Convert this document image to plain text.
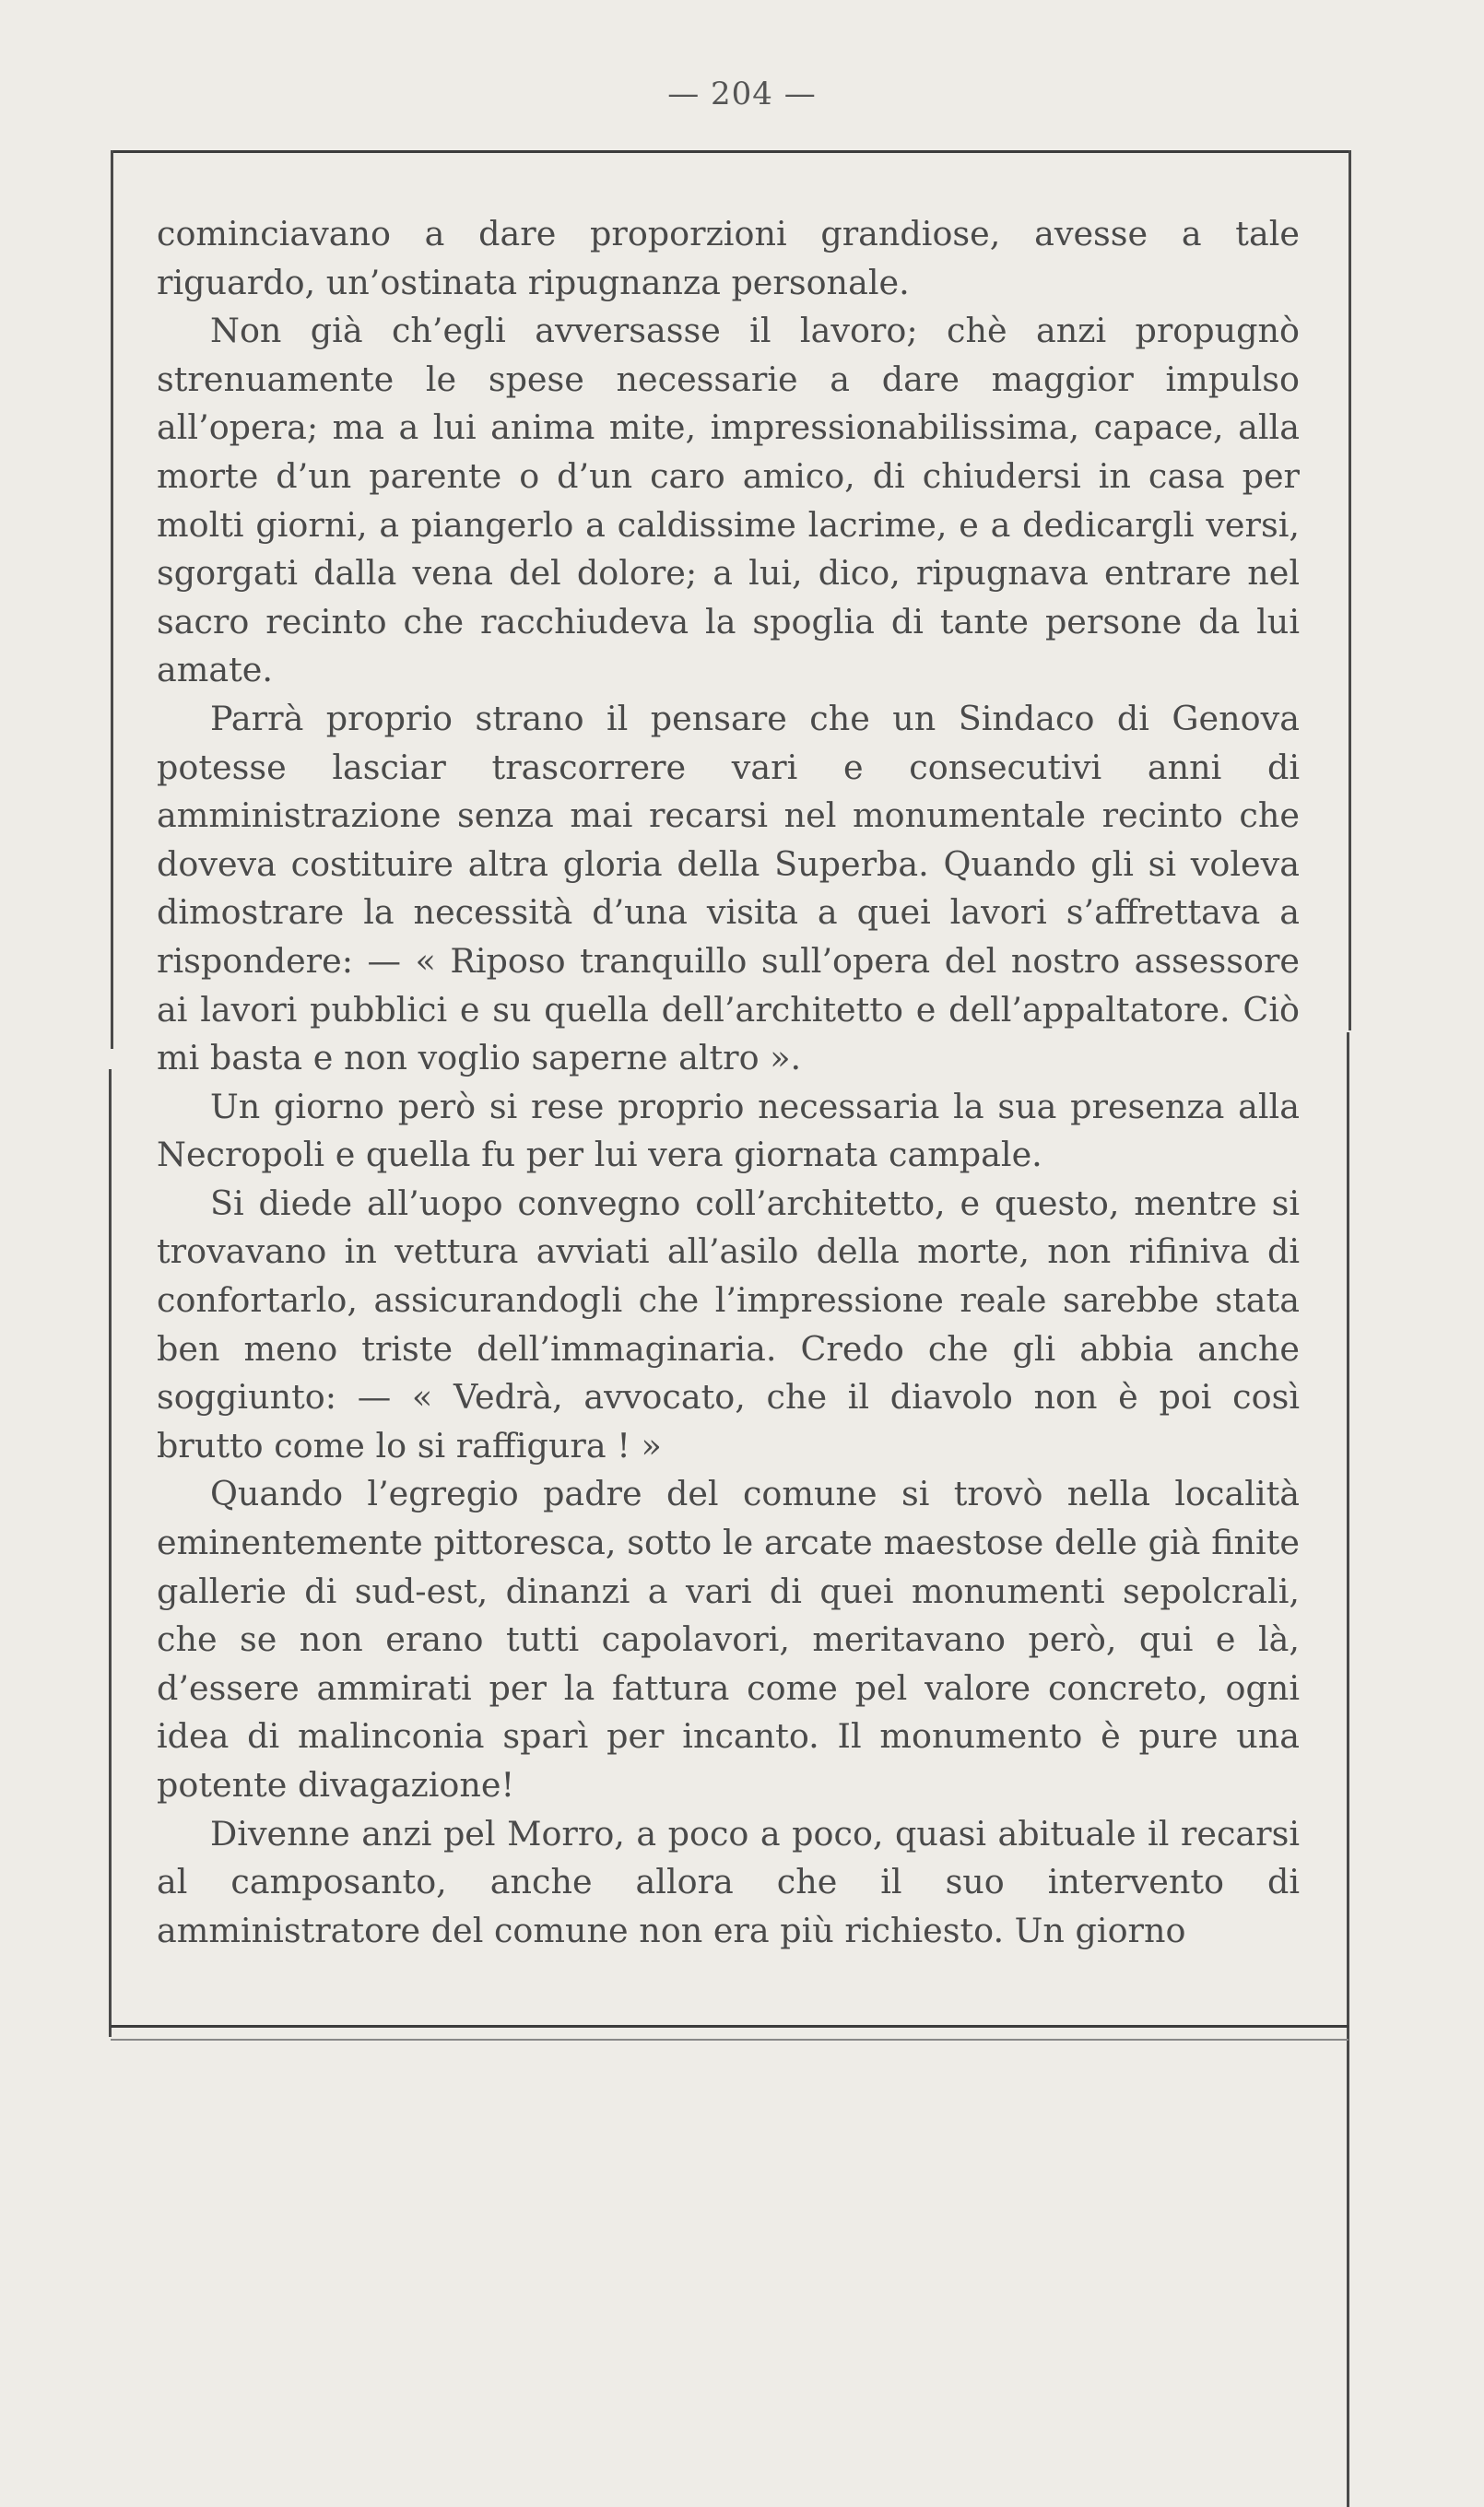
— 204 —

cominciavano a dare proporzioni grandiose, avesse a tale riguardo, un’ostinata ripugnanza personale.

Non già ch’egli avversasse il lavoro; chè anzi propugnò strenuamente le spese necessarie a dare maggior impulso all’opera; ma a lui anima mite, impressionabilissima, capace, alla morte d’un parente o d’un caro amico, di chiudersi in casa per molti giorni, a piangerlo a caldissime lacrime, e a dedicargli versi, sgorgati dalla vena del dolore; a lui, dico, ripugnava entrare nel sacro recinto che racchiudeva la spoglia di tante persone da lui amate.

Parrà proprio strano il pensare che un Sindaco di Genova potesse lasciar trascorrere vari e consecutivi anni di amministrazione senza mai recarsi nel monumentale recinto che doveva costituire altra gloria della Superba. Quando gli si voleva dimostrare la necessità d’una visita a quei lavori s’affrettava a rispondere: — « Riposo tranquillo sull’opera del nostro assessore ai lavori pubblici e su quella dell’architetto e dell’appaltatore. Ciò mi basta e non voglio saperne altro ».

Un giorno però si rese proprio necessaria la sua presenza alla Necropoli e quella fu per lui vera giornata campale.

Si diede all’uopo convegno coll’architetto, e questo, mentre si trovavano in vettura avviati all’asilo della morte, non rifiniva di confortarlo, assicurandogli che l’impressione reale sarebbe stata ben meno triste dell’immaginaria. Credo che gli abbia anche soggiunto: — « Vedrà, avvocato, che il diavolo non è poi così brutto come lo si raffigura ! »

Quando l’egregio padre del comune si trovò nella località eminentemente pittoresca, sotto le arcate maestose delle già finite gallerie di sud-est, dinanzi a vari di quei monumenti sepolcrali, che se non erano tutti capolavori, meritavano però, qui e là, d’essere ammirati per la fattura come pel valore concreto, ogni idea di malinconia sparì per incanto. Il monumento è pure una potente divagazione!

Divenne anzi pel Morro, a poco a poco, quasi abituale il recarsi al camposanto, anche allora che il suo intervento di amministratore del comune non era più richiesto. Un giorno
